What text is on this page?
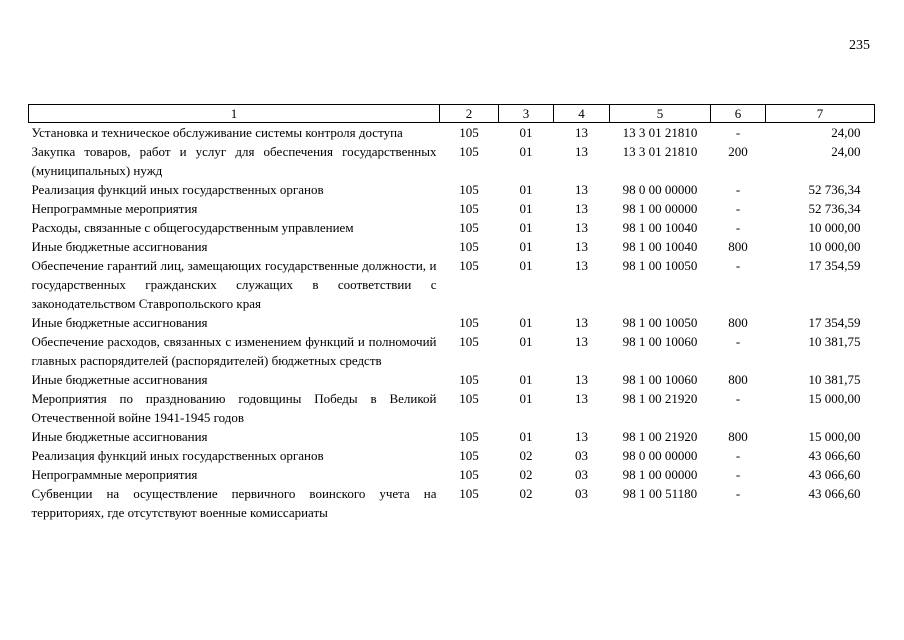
235
1	2	3	4	5	6	7
Установка и техническое обслуживание системы контроля доступа	105	01	13	13 3 01 21810	-	24,00
Закупка товаров, работ и услуг для обеспечения государственных (муниципальных) нужд	105	01	13	13 3 01 21810	200	24,00
Реализация функций иных государственных органов	105	01	13	98 0 00 00000	-	52 736,34
Непрограммные мероприятия	105	01	13	98 1 00 00000	-	52 736,34
Расходы, связанные с общегосударственным управлением	105	01	13	98 1 00 10040	-	10 000,00
Иные бюджетные ассигнования	105	01	13	98 1 00 10040	800	10 000,00
Обеспечение гарантий лиц, замещающих государственные должности, и государственных гражданских служащих в соответствии с законодательством Ставропольского края	105	01	13	98 1 00 10050	-	17 354,59
Иные бюджетные ассигнования	105	01	13	98 1 00 10050	800	17 354,59
Обеспечение расходов, связанных с изменением функций и полномочий главных распорядителей (распорядителей) бюджетных средств	105	01	13	98 1 00 10060	-	10 381,75
Иные бюджетные ассигнования	105	01	13	98 1 00 10060	800	10 381,75
Мероприятия по празднованию годовщины Победы в Великой Отечественной войне 1941-1945 годов	105	01	13	98 1 00 21920	-	15 000,00
Иные бюджетные ассигнования	105	01	13	98 1 00 21920	800	15 000,00
Реализация функций иных государственных органов	105	02	03	98 0 00 00000	-	43 066,60
Непрограммные мероприятия	105	02	03	98 1 00 00000	-	43 066,60
Субвенции на осуществление первичного воинского учета на территориях, где отсутствуют военные комиссариаты	105	02	03	98 1 00 51180	-	43 066,60
